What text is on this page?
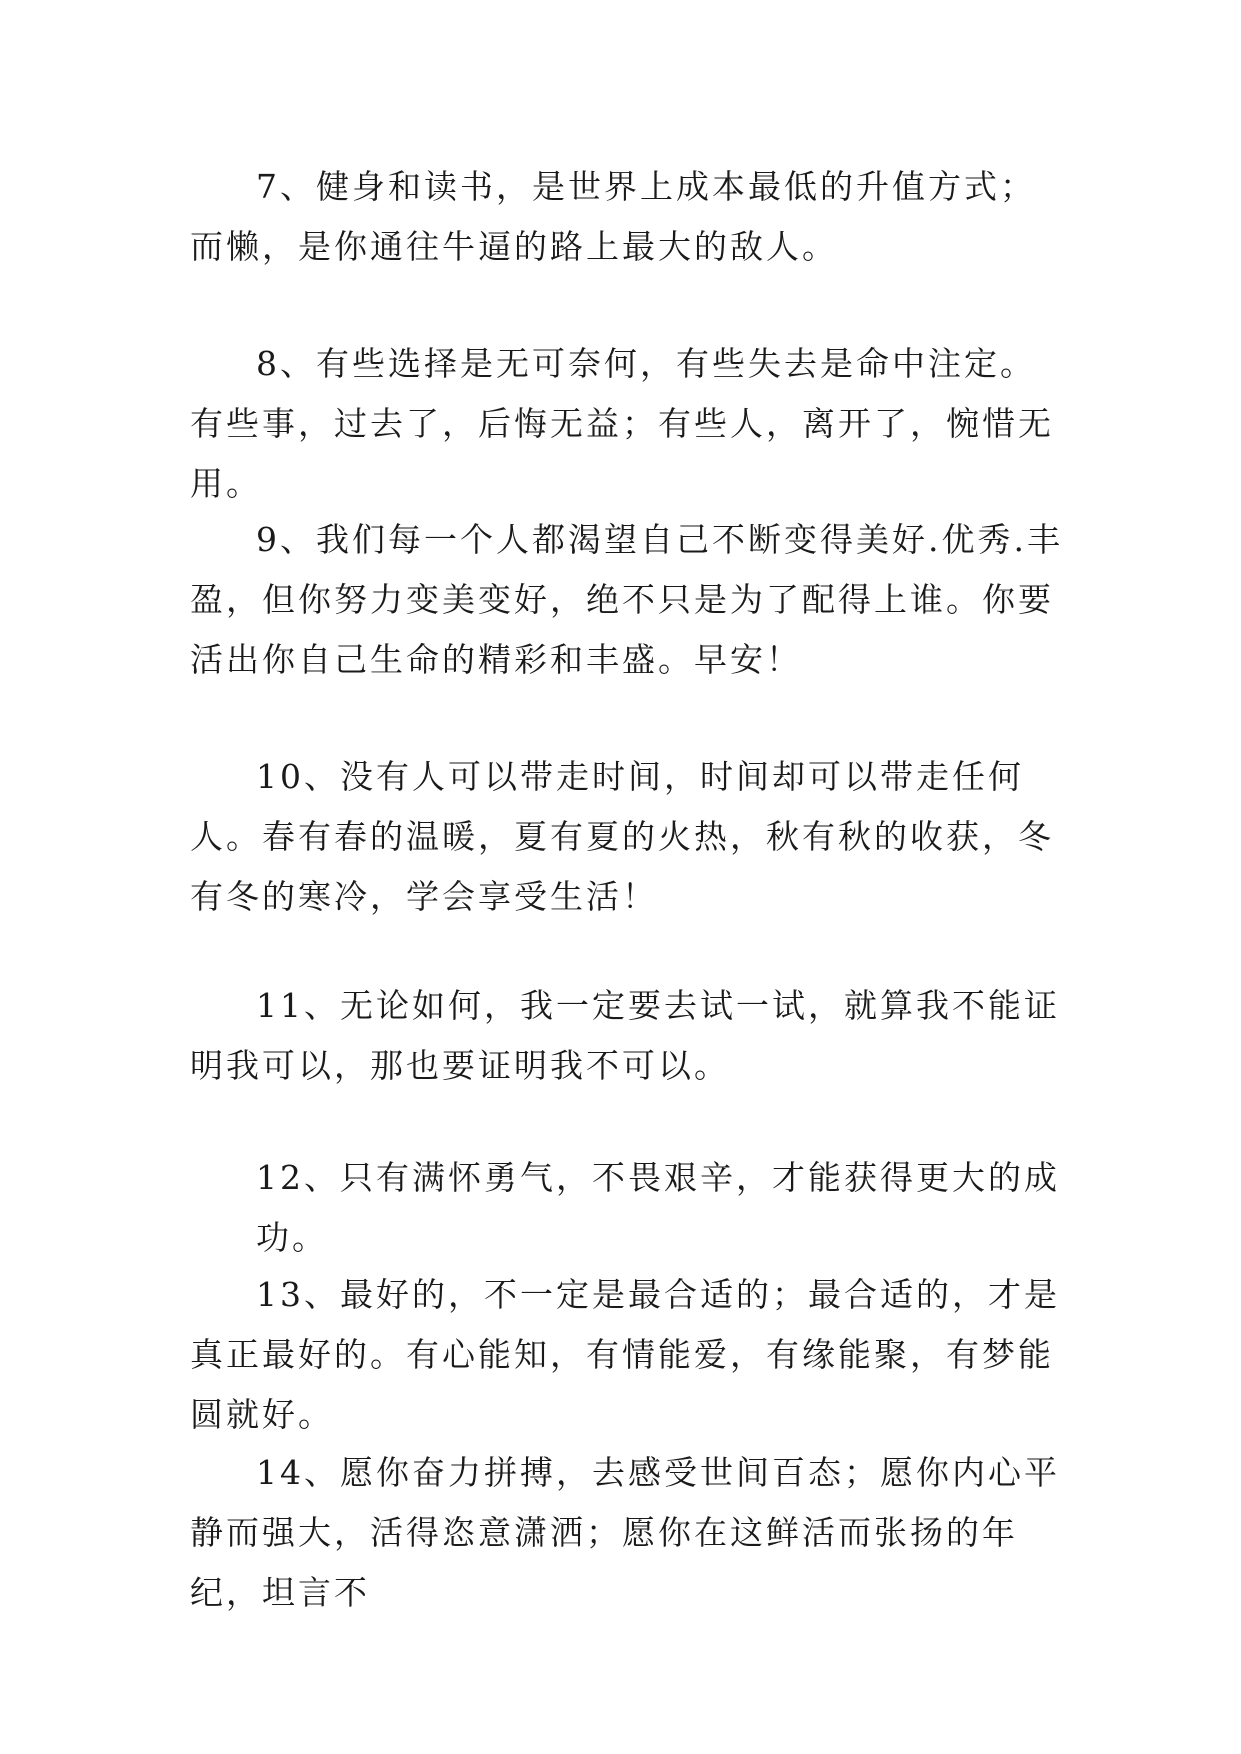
7、健身和读书，是世界上成本最低的升值方式；而懒，是你通往牛逼的路上最大的敌人。

8、有些选择是无可奈何，有些失去是命中注定。有些事，过去了，后悔无益；有些人，离开了，惋惜无用。

9、我们每一个人都渴望自己不断变得美好.优秀.丰盈，但你努力变美变好，绝不只是为了配得上谁。你要活出你自己生命的精彩和丰盛。早安！

10、没有人可以带走时间，时间却可以带走任何人。春有春的温暖，夏有夏的火热，秋有秋的收获，冬有冬的寒冷，学会享受生活！

11、无论如何，我一定要去试一试，就算我不能证明我可以，那也要证明我不可以。

12、只有满怀勇气，不畏艰辛，才能获得更大的成功。

13、最好的，不一定是最合适的；最合适的，才是真正最好的。有心能知，有情能爱，有缘能聚，有梦能圆就好。

14、愿你奋力拼搏，去感受世间百态；愿你内心平静而强大，活得恣意潇洒；愿你在这鲜活而张扬的年纪，坦言不
